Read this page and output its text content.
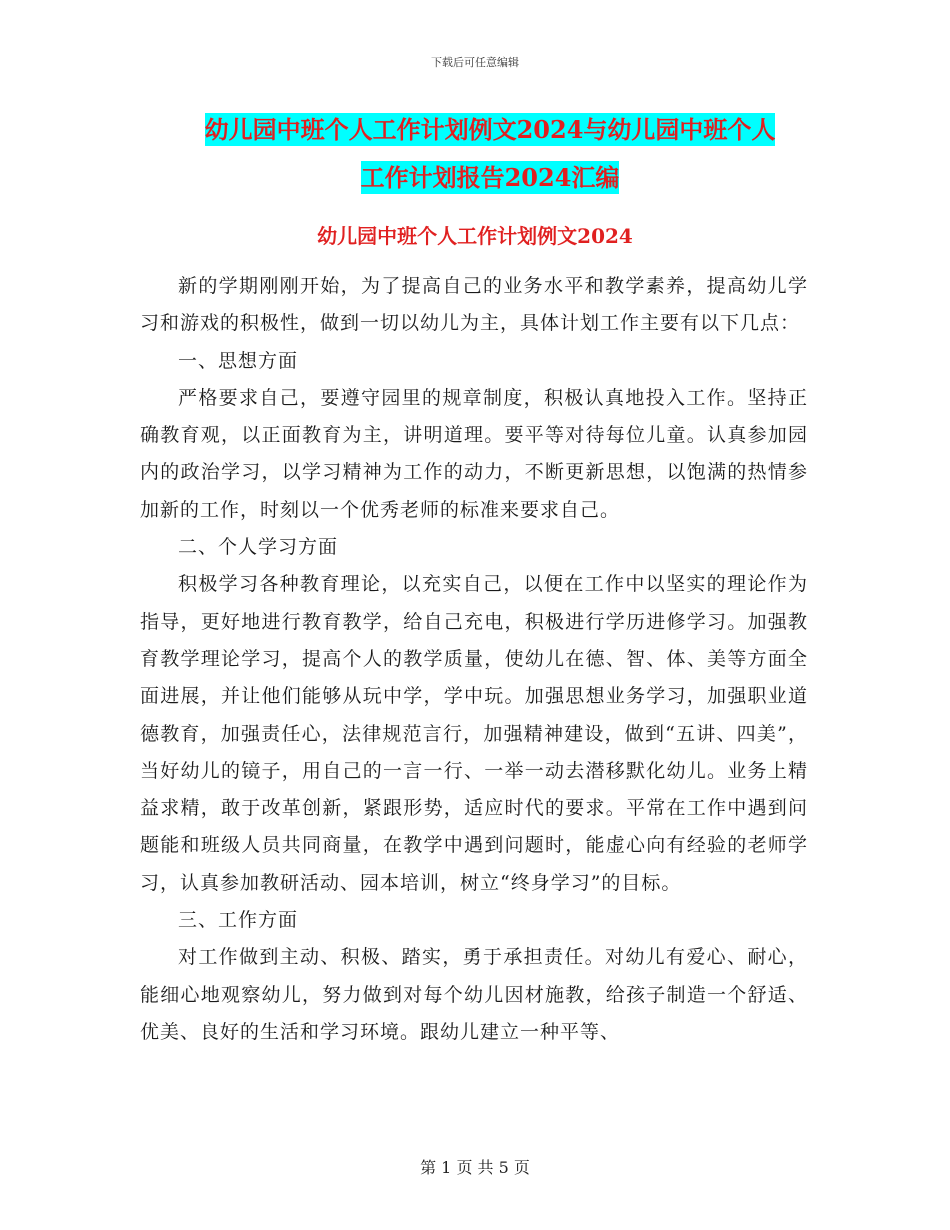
下载后可任意编辑
幼儿园中班个人工作计划例文2024与幼儿园中班个人
工作计划报告2024汇编
幼儿园中班个人工作计划例文2024

新的学期刚刚开始，为了提高自己的业务水平和教学素养，提高幼儿学习和游戏的积极性，做到一切以幼儿为主，具体计划工作主要有以下几点：

一、思想方面

严格要求自己，要遵守园里的规章制度，积极认真地投入工作。坚持正确教育观，以正面教育为主，讲明道理。要平等对待每位儿童。认真参加园内的政治学习，以学习精神为工作的动力，不断更新思想，以饱满的热情参加新的工作，时刻以一个优秀老师的标准来要求自己。

二、个人学习方面

积极学习各种教育理论，以充实自己，以便在工作中以坚实的理论作为指导，更好地进行教育教学，给自己充电，积极进行学历进修学习。加强教育教学理论学习，提高个人的教学质量，使幼儿在德、智、体、美等方面全面进展，并让他们能够从玩中学，学中玩。加强思想业务学习，加强职业道德教育，加强责任心，法律规范言行，加强精神建设，做到“五讲、四美”，当好幼儿的镜子，用自己的一言一行、一举一动去潜移默化幼儿。业务上精益求精，敢于改革创新，紧跟形势，适应时代的要求。平常在工作中遇到问题能和班级人员共同商量，在教学中遇到问题时，能虚心向有经验的老师学习，认真参加教研活动、园本培训，树立“终身学习”的目标。

三、工作方面

对工作做到主动、积极、踏实，勇于承担责任。对幼儿有爱心、耐心，能细心地观察幼儿，努力做到对每个幼儿因材施教，给孩子制造一个舒适、优美、良好的生活和学习环境。跟幼儿建立一种平等、

第 1 页 共 5 页
